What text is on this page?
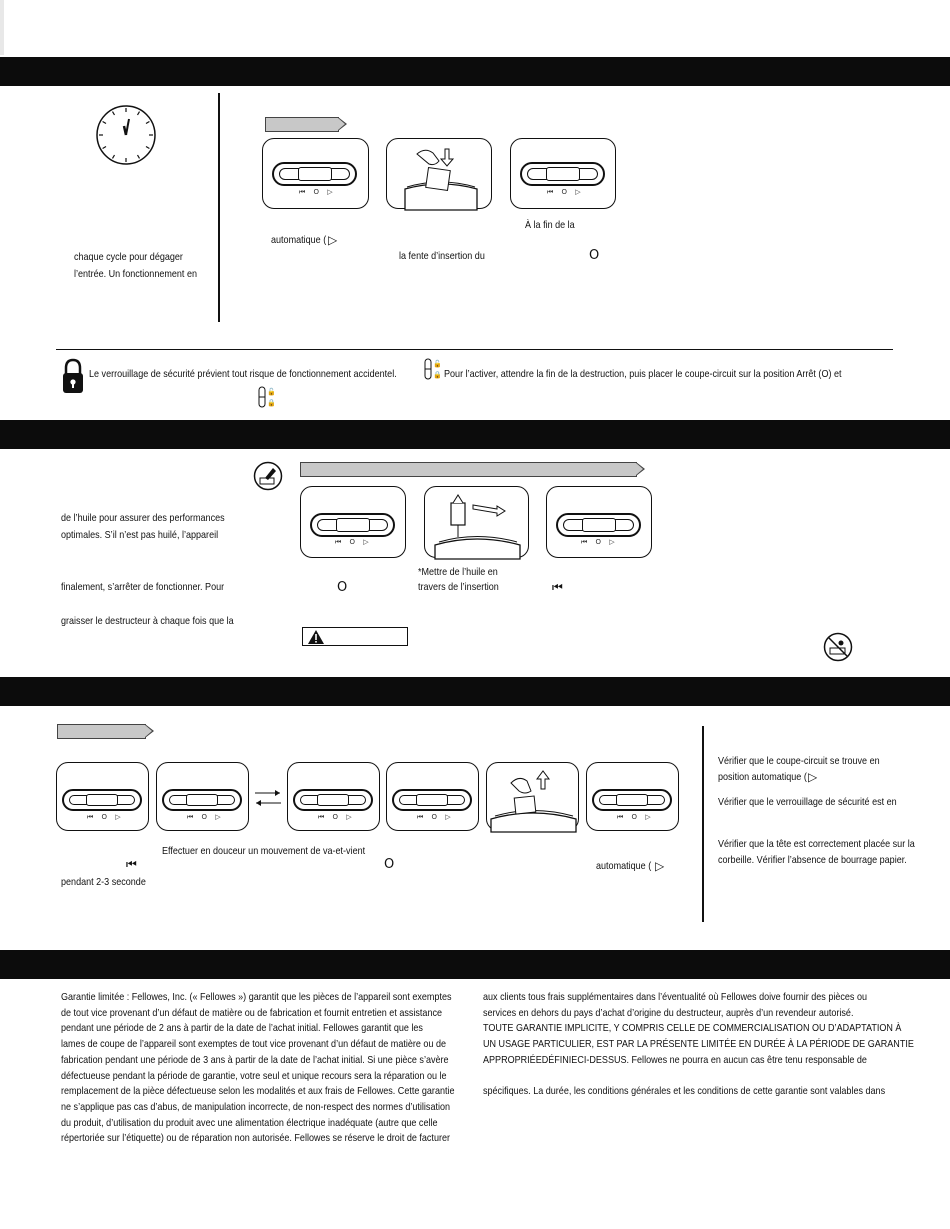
chaque cycle pour dégager
l’entrée. Un fonctionnement en
⏮ O ▷	⏮ O ▷
À la fin de la
automatique ( ▷
la fente d’insertion du	O
Le verrouillage de sécurité prévient tout risque de fonctionnement accidentel.
🔓
🔒 Pour l’activer, attendre la fin de la destruction, puis placer le coupe-circuit sur la position Arrêt (O) et
🔓
🔒
de l’huile pour assurer des performances
optimales. S’il n’est pas huilé, l’appareil
finalement, s’arrêter de fonctionner. Pour
graisser le destructeur à chaque fois que la
⏮ O ▷	⏮ O ▷
*Mettre de l’huile en
travers de l’insertion
O	⏮
⏮ O ▷	⏮ O ▷	⏮ O ▷	⏮ O ▷	⏮ O ▷
Effectuer en douceur un mouvement de va-et-vient
⏮	O	automatique ( ▷
pendant 2-3 seconde
Vérifier que le coupe-circuit se trouve en
position automatique ( ▷
Vérifier que le verrouillage de sécurité est en
Vérifier que la tête est correctement placée sur la
corbeille. Vérifier l’absence de bourrage papier.
Garantie limitée : Fellowes, Inc. (« Fellowes ») garantit que les pièces de l’appareil sont exemptes
de tout vice provenant d’un défaut de matière ou de fabrication et fournit entretien et assistance
pendant une période de 2 ans à partir de la date de l’achat initial. Fellowes garantit que les
lames de coupe de l’appareil sont exemptes de tout vice provenant d’un défaut de matière ou de
fabrication pendant une période de 3 ans à partir de la date de l’achat initial. Si une pièce s’avère
défectueuse pendant la période de garantie, votre seul et unique recours sera la réparation ou le
remplacement de la pièce défectueuse selon les modalités et aux frais de Fellowes. Cette garantie
ne s’applique pas cas d’abus, de manipulation incorrecte, de non-respect des normes d’utilisation
du produit, d’utilisation du produit avec une alimentation électrique inadéquate (autre que celle
répertoriée sur l’étiquette) ou de réparation non autorisée. Fellowes se réserve le droit de facturer
aux clients tous frais supplémentaires dans l’éventualité où Fellowes doive fournir des pièces ou
services en dehors du pays d’achat d’origine du destructeur, auprès d’un revendeur autorisé.
TOUTE GARANTIE IMPLICITE, Y COMPRIS CELLE DE COMMERCIALISATION OU D’ADAPTATION À
UN USAGE PARTICULIER, EST PAR LA PRÉSENTE LIMITÉE EN DURÉE À LA PÉRIODE DE GARANTIE
APPROPRIÉEDÉFINIECI-DESSUS. Fellowes ne pourra en aucun cas être tenu responsable de
spécifiques. La durée, les conditions générales et les conditions de cette garantie sont valables dans
